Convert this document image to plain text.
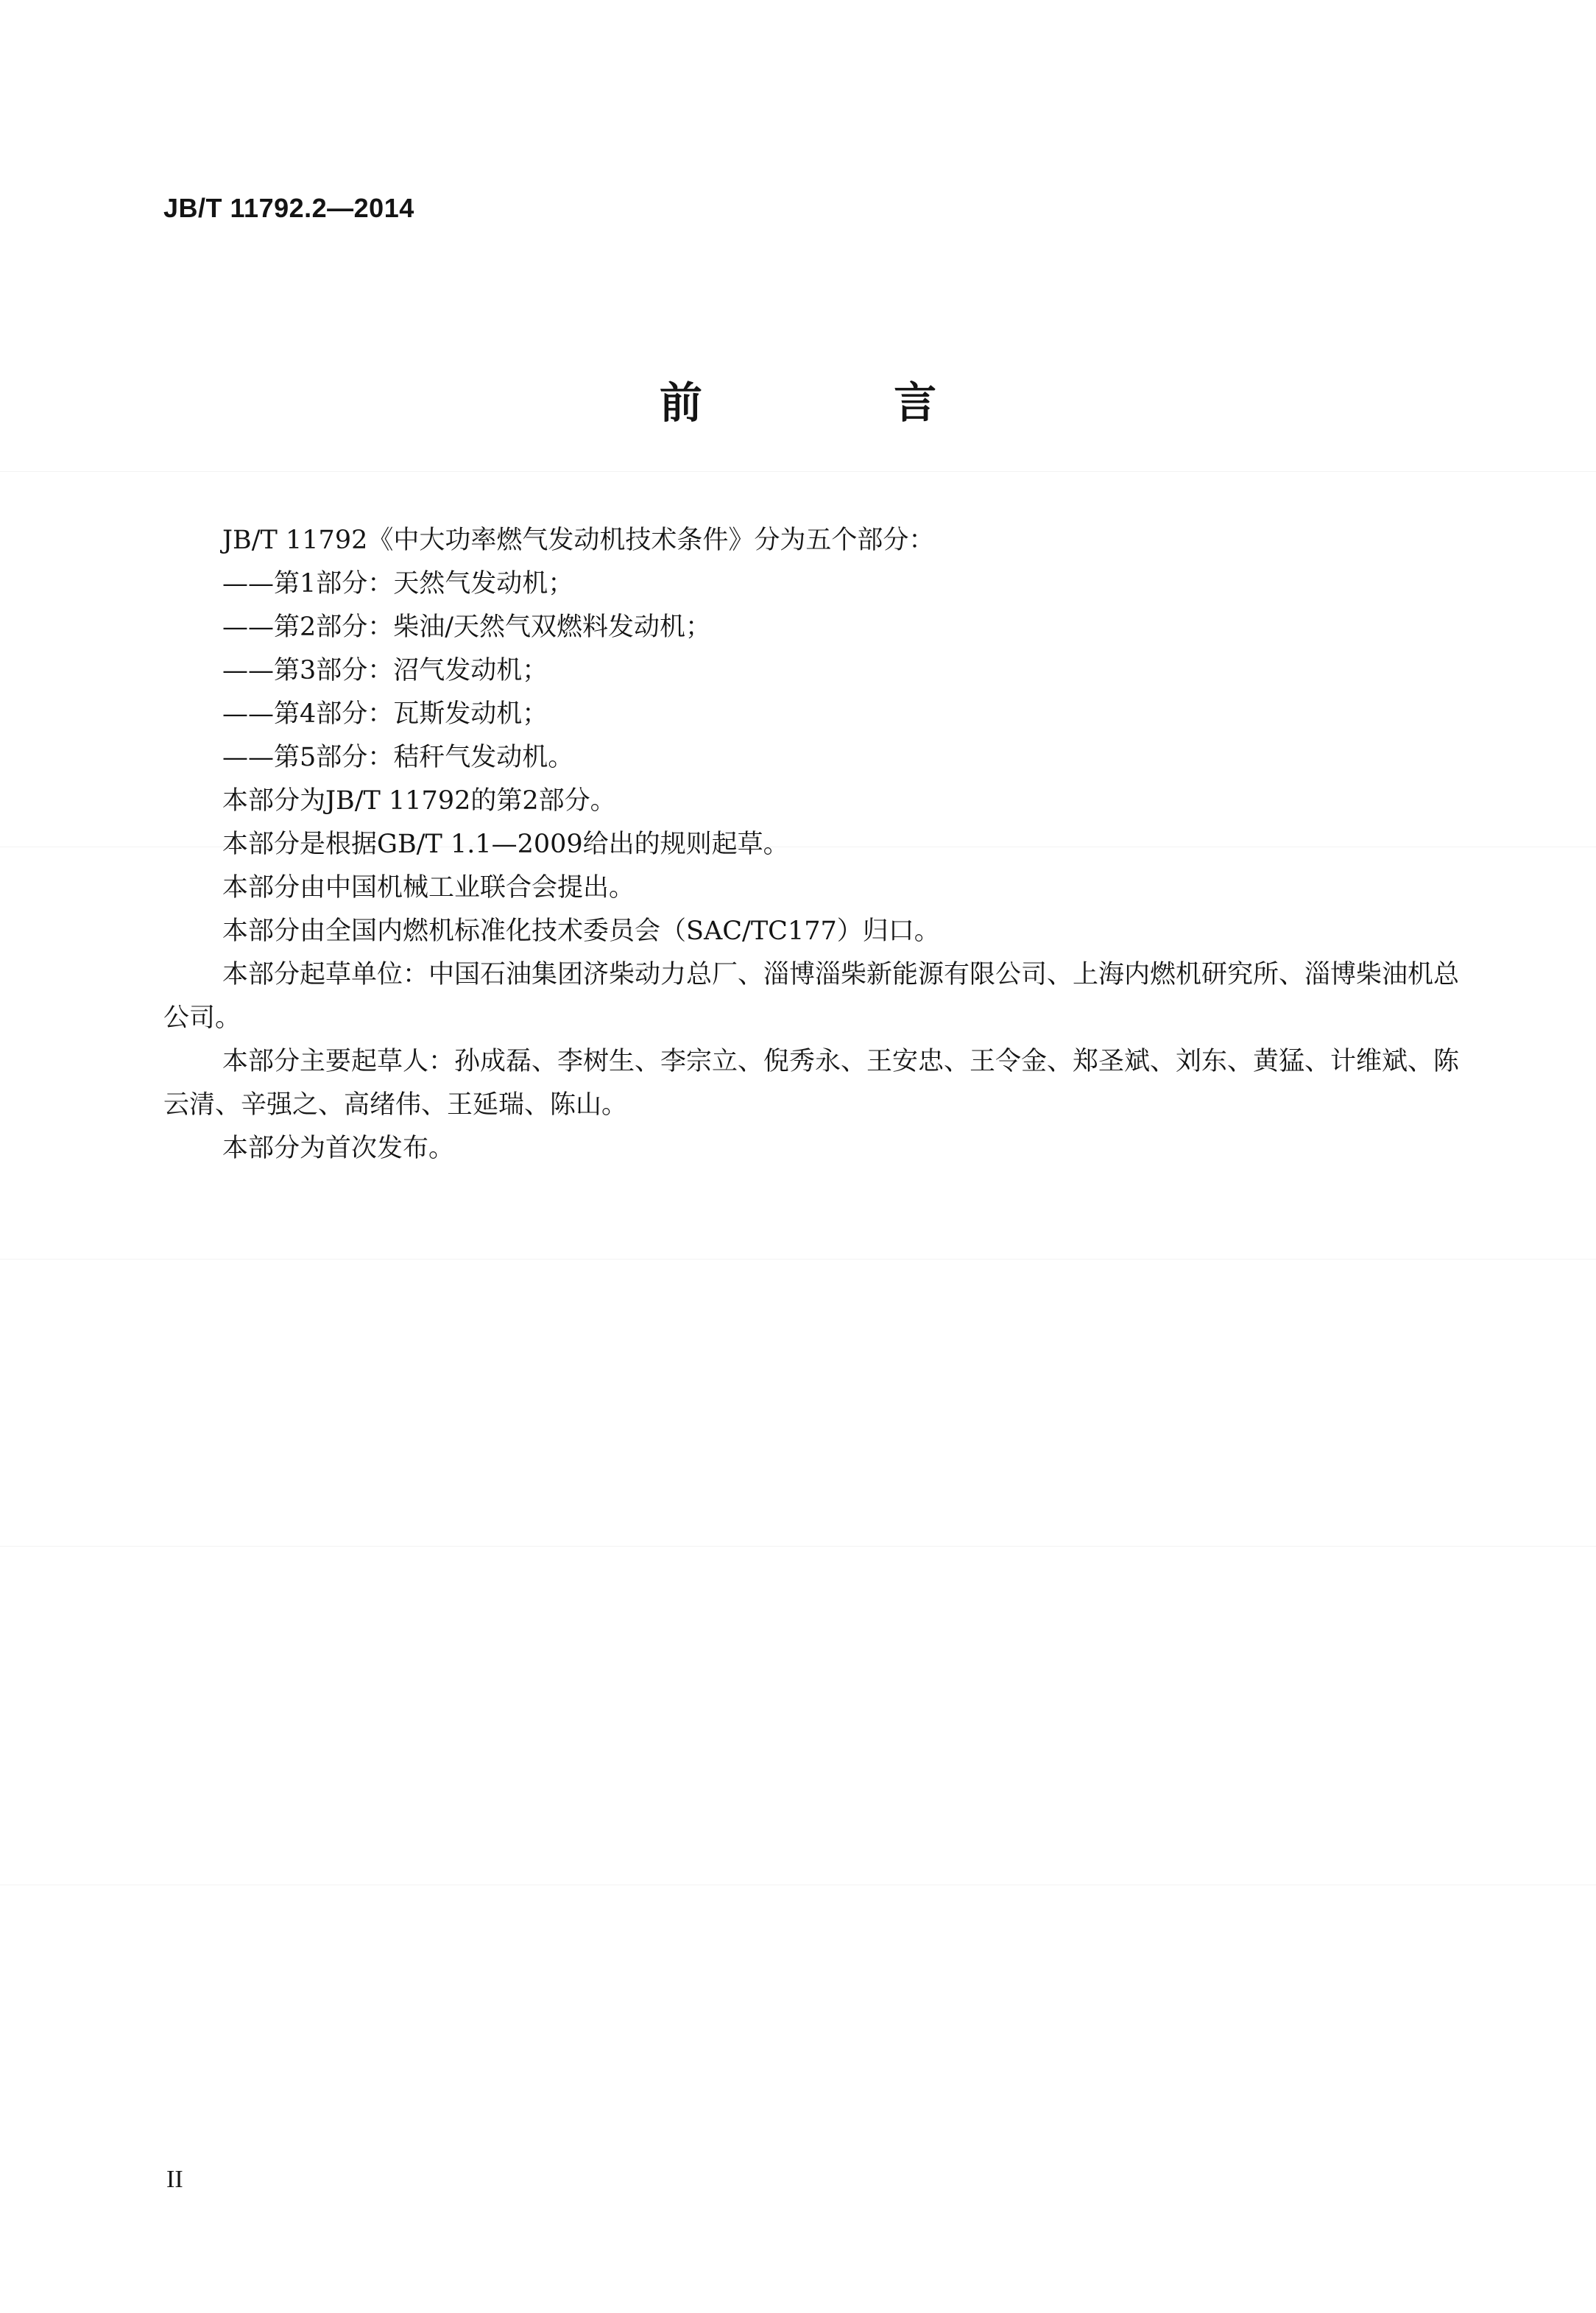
JB/T 11792.2—2014
前 言

JB/T 11792《中大功率燃气发动机技术条件》分为五个部分：

——第1部分：天然气发动机；

——第2部分：柴油/天然气双燃料发动机；

——第3部分：沼气发动机；

——第4部分：瓦斯发动机；

——第5部分：秸秆气发动机。

本部分为JB/T 11792的第2部分。

本部分是根据GB/T 1.1—2009给出的规则起草。

本部分由中国机械工业联合会提出。

本部分由全国内燃机标准化技术委员会（SAC/TC177）归口。

本部分起草单位：中国石油集团济柴动力总厂、淄博淄柴新能源有限公司、上海内燃机研究所、淄博柴油机总公司。

本部分主要起草人：孙成磊、李树生、李宗立、倪秀永、王安忠、王令金、郑圣斌、刘东、黄猛、计维斌、陈云清、辛强之、高绪伟、王延瑞、陈山。

本部分为首次发布。

II
